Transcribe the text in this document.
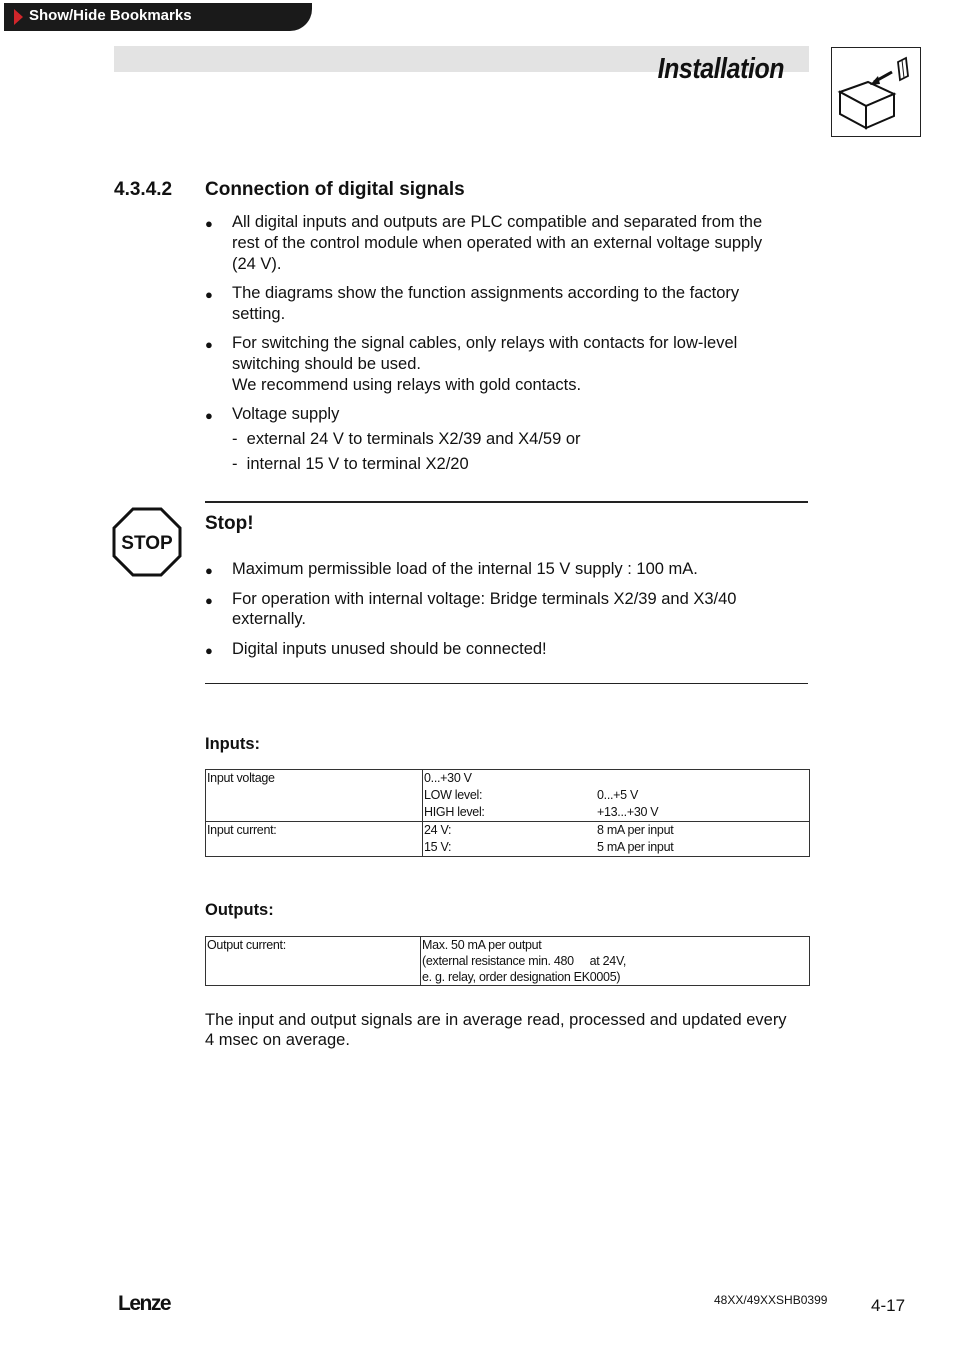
Show/Hide Bookmarks
Installation
4.3.4.2 Connection of digital signals
● All digital inputs and outputs are PLC compatible and separated from the
rest of the control module when operated with an external voltage supply
(24 V).
● The diagrams show the function assignments according to the factory
setting.
● For switching the signal cables, only relays with contacts for low-level
switching should be used.
We recommend using relays with gold contacts.
● Voltage supply
-  external 24 V to terminals X2/39 and X4/59 or
-  internal 15 V to terminal X2/20
STOP
Stop!
● Maximum permissible load of the internal 15 V supply : 100 mA.
● For operation with internal voltage: Bridge terminals X2/39 and X3/40
externally.
● Digital inputs unused should be connected!
Inputs:
Input voltage	0...+30 V
LOW level: 0...+5 V
HIGH level: +13...+30 V

Input current:	24 V: 8 mA per input
15 V: 5 mA per input
Outputs:
Output current:	Max. 50 mA per output
(external resistance min. 480     at 24V,
e. g. relay, order designation EK0005)
The input and output signals are in average read, processed and updated every
4 msec on average.
Lenze	48XX/49XXSHB0399	4-17
